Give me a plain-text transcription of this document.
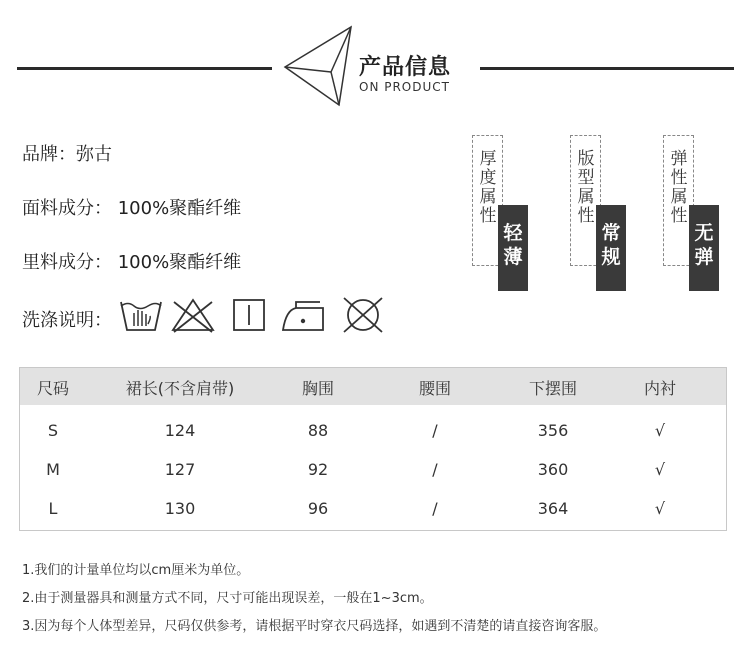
产品信息
ON PRODUCT
品牌：弥古
面料成分： 100%聚酯纤维
里料成分： 100%聚酯纤维
洗涤说明：
厚度属性
轻薄
版型属性
常规
弹性属性
无弹
尺码	裙长(不含肩带)	胸围	腰围	下摆围	内衬
S	124	88	/	356	√
M	127	92	/	360	√
L	130	96	/	364	√
1.我们的计量单位均以cm厘米为单位。
2.由于测量器具和测量方式不同，尺寸可能出现误差，一般在1~3cm。
3.因为每个人体型差异，尺码仅供参考，请根据平时穿衣尺码选择，如遇到不清楚的请直接咨询客服。
